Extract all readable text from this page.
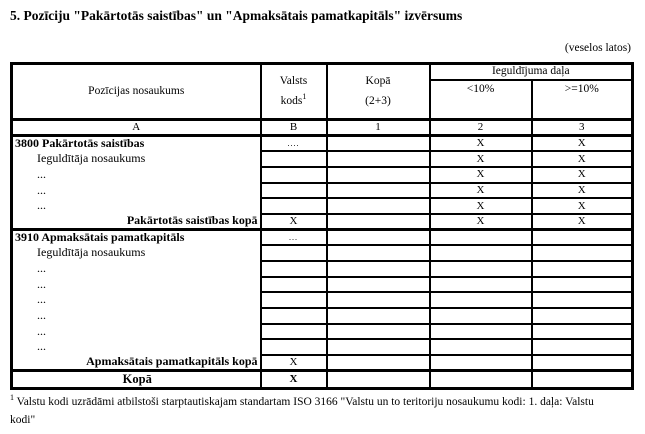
5. Pozīciju "Pakārtotās saistības" un "Apmaksātais pamatkapitāls" izvērsums
(veselos latos)
Pozīcijas nosaukums	Valsts kods$^1$	Kopā (2+3)	Ieguldījuma daļa	
			<10%	>=10%
A	B	1	2	3
3800 Pakārtotās saistības	....		X	X
Ieguldītāja nosaukums			X	X
...			X	X
...			X	X
...			X	X
Pakārtotās saistības kopā	X		X	X
3910 Apmaksātais pamatkapitāls	...			
Ieguldītāja nosaukums				
...				
...				
...				
...				
...				
...				
Apmaksātais pamatkapitāls kopā	X			
Kopā	X			
$^1$ Valstu kodi uzrādāmi atbilstoši starptautiskajam standartam ISO 3166 "Valstu un to teritoriju nosaukumu kodi: 1. daļa: Valstu kodi"
